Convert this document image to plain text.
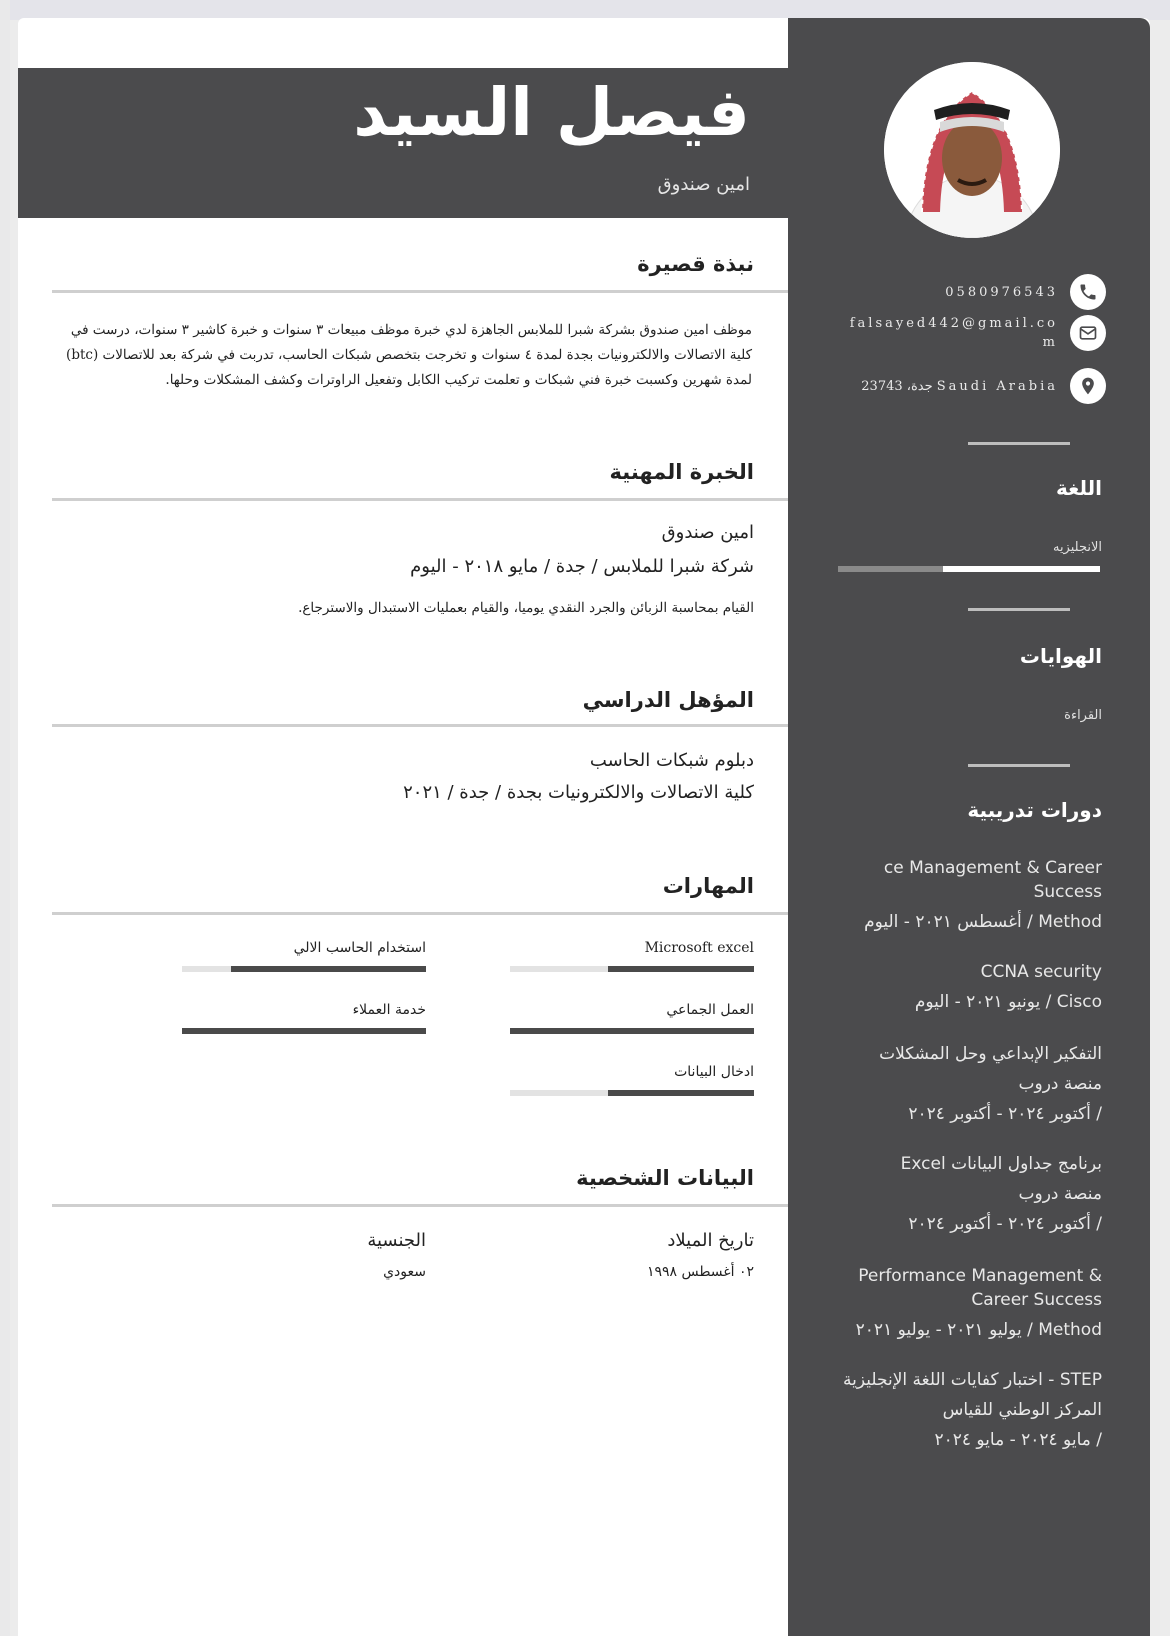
فيصل السيد
امين صندوق
0580976543
falsayed442@gmail.com
جدة، 23743 Saudi Arabia
اللغة
الانجليزيه
الهوايات
القراءة
دورات تدريبية
ce Management & Career Success
Method / أغسطس ٢٠٢١ - اليوم
CCNA security
Cisco / يونيو ٢٠٢١ - اليوم
التفكير الإبداعي وحل المشكلات
منصة دروب
/ أكتوبر ٢٠٢٤ - أكتوبر ٢٠٢٤
برنامج جداول البيانات Excel
منصة دروب
/ أكتوبر ٢٠٢٤ - أكتوبر ٢٠٢٤
Performance Management & Career Success
Method / يوليو ٢٠٢١ - يوليو ٢٠٢١
STEP - اختبار كفايات اللغة الإنجليزية
المركز الوطني للقياس
/ مايو ٢٠٢٤ - مايو ٢٠٢٤
نبذة قصيرة
موظف امين صندوق بشركة شبرا للملابس الجاهزة لدي خبرة موظف مبيعات ٣ سنوات و خبرة كاشير ٣ سنوات، درست في كلية الاتصالات والالكترونيات بجدة لمدة ٤ سنوات و تخرجت بتخصص شبكات الحاسب، تدربت في شركة بعد للاتصالات (btc) لمدة شهرين وكسبت خبرة فني شبكات و تعلمت تركيب الكابل وتفعيل الراوترات وكشف المشكلات وحلها.
الخبرة المهنية
امين صندوق
شركة شبرا للملابس / جدة / مايو ٢٠١٨ - اليوم
القيام بمحاسبة الزبائن والجرد النقدي يوميا، والقيام بعمليات الاستبدال والاسترجاع.
المؤهل الدراسي
دبلوم شبكات الحاسب
كلية الاتصالات والالكترونيات بجدة / جدة / ٢٠٢١
المهارات
Microsoft excel
استخدام الحاسب الالي
العمل الجماعي
خدمة العملاء
ادخال البيانات
البيانات الشخصية
تاريخ الميلاد
٠٢ أغسطس ١٩٩٨
الجنسية
سعودي
